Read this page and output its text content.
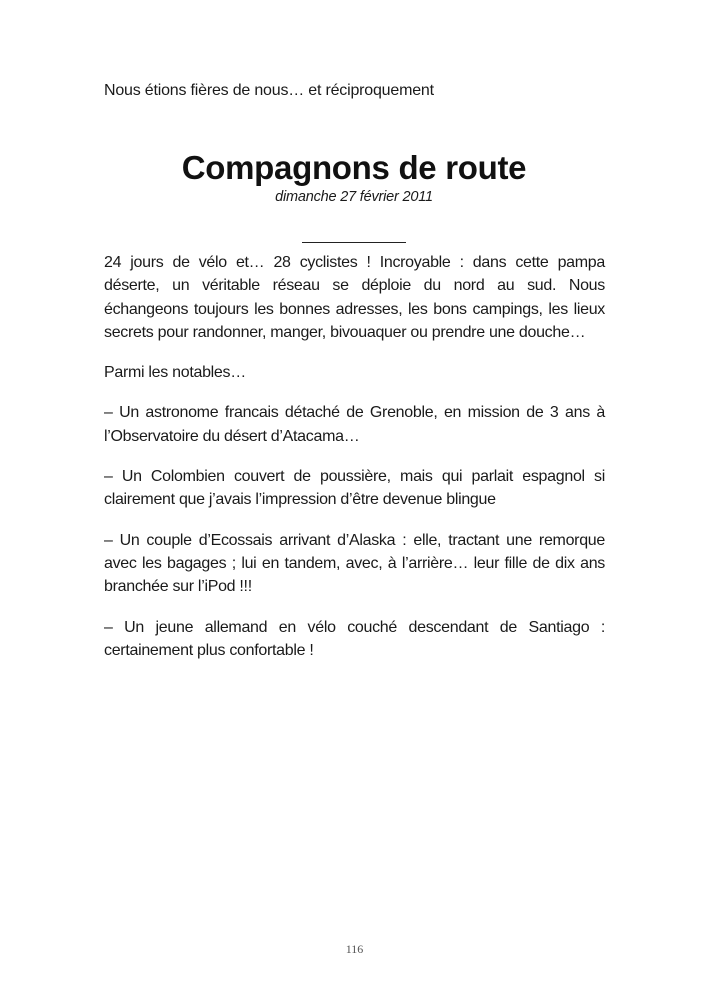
Nous étions fières de nous… et réciproquement
Compagnons de route
dimanche 27 février 2011

24 jours de vélo et… 28 cyclistes ! Incroyable : dans cette pampa déserte, un véritable réseau se déploie du nord au sud. Nous échangeons toujours les bonnes adresses, les bons campings, les lieux secrets pour randonner, manger, bivouaquer ou prendre une douche…

Parmi les notables…

– Un astronome francais détaché de Grenoble, en mission de 3 ans à l’Observatoire du désert d’Atacama…

– Un Colombien couvert de poussière, mais qui parlait espagnol si clairement que j’avais l’impression d’être devenue blingue

– Un couple d’Ecossais arrivant d’Alaska : elle, tractant une remorque avec les bagages ; lui en tandem, avec, à l’arrière… leur fille de dix ans branchée sur l’iPod !!!

– Un jeune allemand en vélo couché descendant de Santiago : certainement plus confortable !

116
